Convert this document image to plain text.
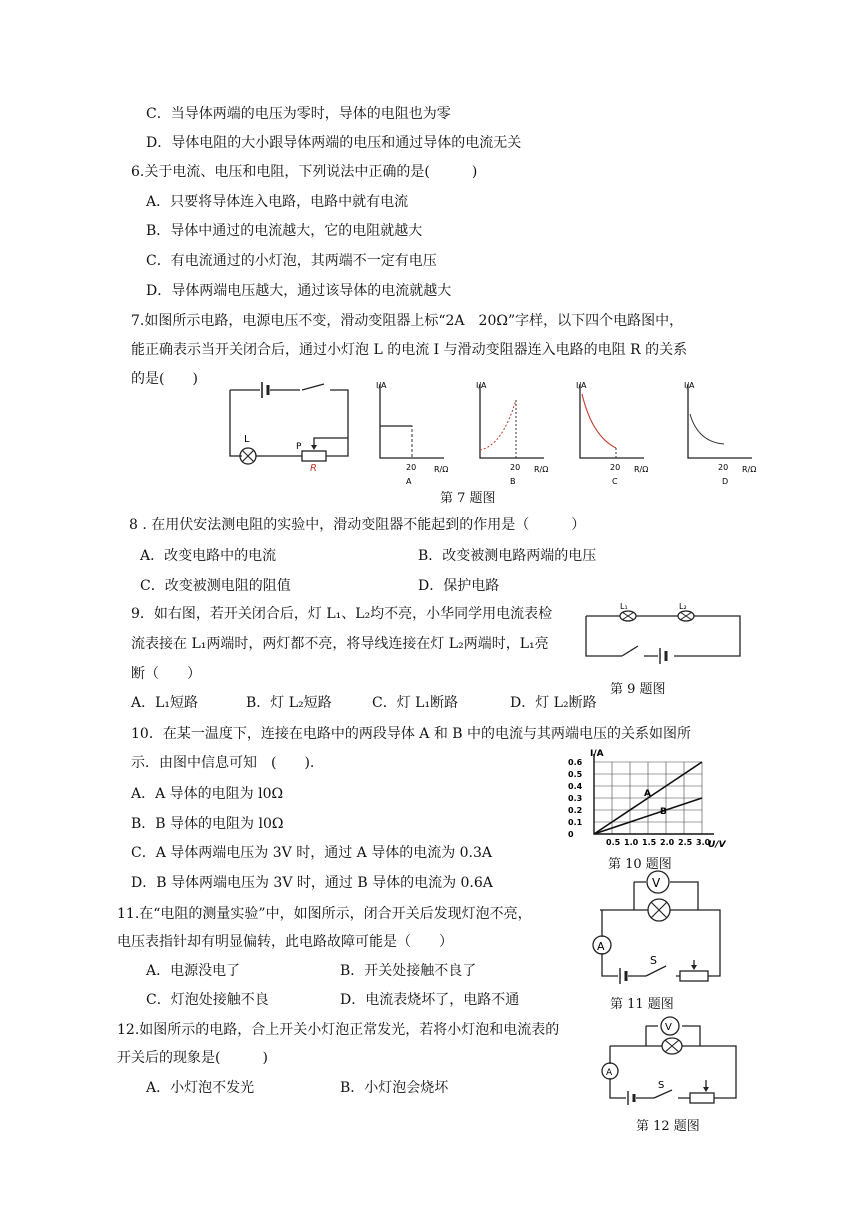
C．当导体两端的电压为零时，导体的电阻也为零
D．导体电阻的大小跟导体两端的电压和通过导体的电流无关
6.关于电流、电压和电阻，下列说法中正确的是(　　　)
A．只要将导体连入电路，电路中就有电流
B．导体中通过的电流越大，它的电阻就越大
C．有电流通过的小灯泡，其两端不一定有电压
D．导体两端电压越大，通过该导体的电流就越大
7.如图所示电路，电源电压不变，滑动变阻器上标“2A　20Ω”字样，以下四个电路图中，
能正确表示当开关闭合后，通过小灯泡 L 的电流 I 与滑动变阻器连入电路的电阻 R 的关系
的是(　　)
L
P
R
I/A
R/Ω
20
A
I/A
R/Ω
20
B
I/A
R/Ω
20
C
I/A
R/Ω
20
D
第 7 题图
8 . 在用伏安法测电阻的实验中，滑动变阻器不能起到的作用是（　　　）
A．改变电路中的电流	B．改变被测电路两端的电压
C．改变被测电阻的阻值	D．保护电路
9．如右图，若开关闭合后，灯 L₁、L₂均不亮，小华同学用电流表检
流表接在 L₁两端时，两灯都不亮，将导线连接在灯 L₂两端时，L₁亮
断（　　）
A．L₁短路	B．灯 L₂短路	C．灯 L₁断路	D．灯 L₂断路
L₁	L₂
第 9 题图
10．在某一温度下，连接在电路中的两段导体 A 和 B 中的电流与其两端电压的关系如图所
示．由图中信息可知　(　　).
A．A 导体的电阻为 l0Ω
B．B 导体的电阻为 l0Ω
C．A 导体两端电压为 3V 时，通过 A 导体的电流为 0.3A
D．B 导体两端电压为 3V 时，通过 B 导体的电流为 0.6A
I/A
U/V
A
B
0.6
0.5
0.4
0.3
0.2
0.1
0
0.5 1.0 1.5 2.0 2.5 3.0
第 10 题图
11.在“电阻的测量实验”中，如图所示，闭合开关后发现灯泡不亮，
电压表指针却有明显偏转，此电路故障可能是（　　）
A．电源没电了	B．开关处接触不良了
C．灯泡处接触不良	D．电流表烧坏了，电路不通
V
A
S
第 11 题图
12.如图所示的电路，合上开关小灯泡正常发光，若将小灯泡和电流表的
开关后的现象是(　　　)
A．小灯泡不发光	B．小灯泡会烧坏
V
A
S
第 12 题图
